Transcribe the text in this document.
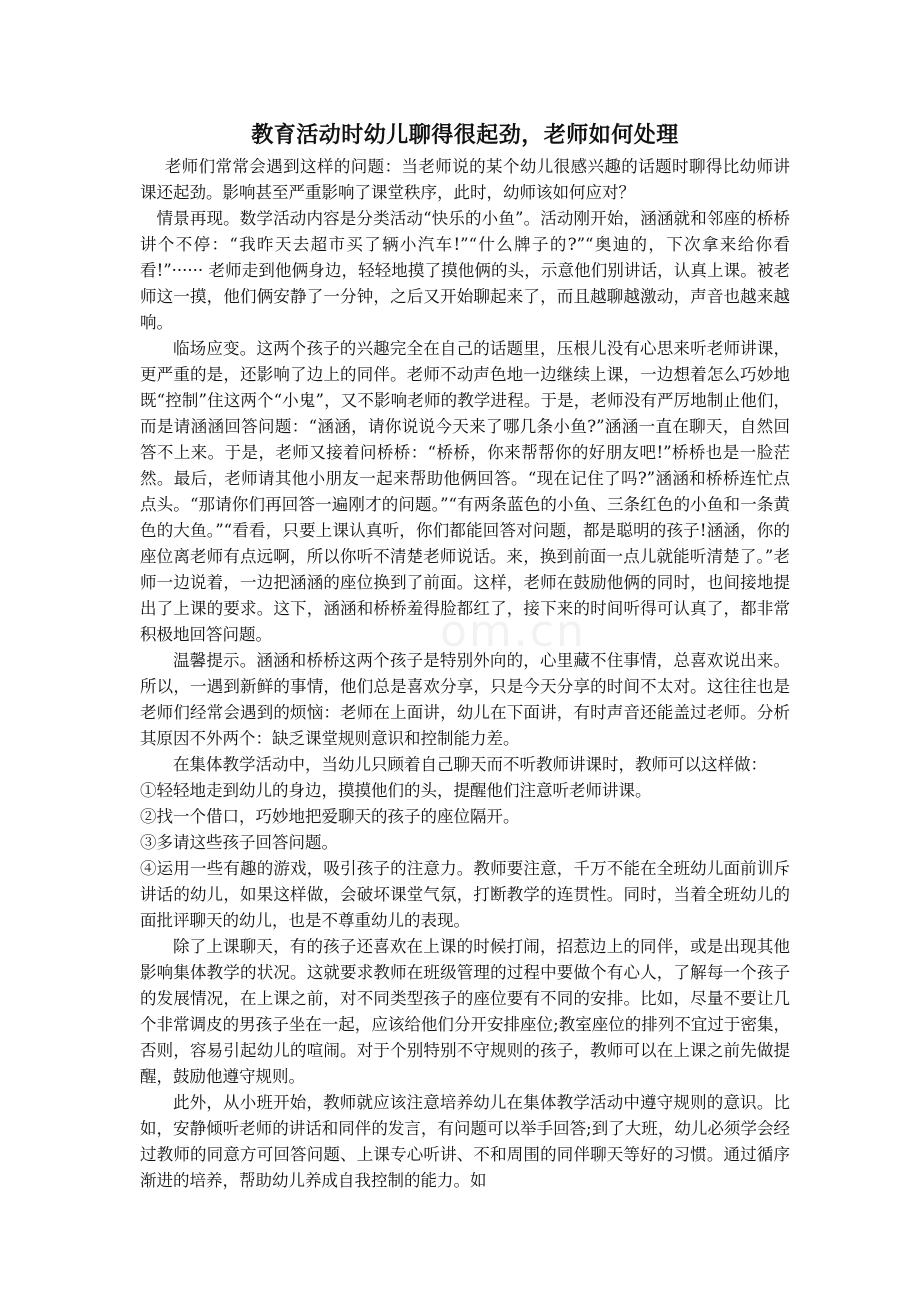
教育活动时幼儿聊得很起劲，老师如何处理

老师们常常会遇到这样的问题：当老师说的某个幼儿很感兴趣的话题时聊得比幼师讲课还起劲。影响甚至严重影响了课堂秩序，此时，幼师该如何应对？

情景再现。数学活动内容是分类活动“快乐的小鱼”。活动刚开始，涵涵就和邻座的桥桥讲个不停：“我昨天去超市买了辆小汽车!”“什么牌子的?”“奥迪的，下次拿来给你看看!”······ 老师走到他俩身边，轻轻地摸了摸他俩的头，示意他们别讲话，认真上课。被老师这一摸，他们俩安静了一分钟，之后又开始聊起来了，而且越聊越激动，声音也越来越响。

临场应变。这两个孩子的兴趣完全在自己的话题里，压根儿没有心思来听老师讲课，更严重的是，还影响了边上的同伴。老师不动声色地一边继续上课，一边想着怎么巧妙地既“控制”住这两个“小鬼”，又不影响老师的教学进程。于是，老师没有严厉地制止他们，而是请涵涵回答问题：“涵涵，请你说说今天来了哪几条小鱼?”涵涵一直在聊天，自然回答不上来。于是，老师又接着问桥桥：“桥桥，你来帮帮你的好朋友吧!”桥桥也是一脸茫然。最后，老师请其他小朋友一起来帮助他俩回答。“现在记住了吗?”涵涵和桥桥连忙点点头。“那请你们再回答一遍刚才的问题。”“有两条蓝色的小鱼、三条红色的小鱼和一条黄色的大鱼。”“看看，只要上课认真听，你们都能回答对问题，都是聪明的孩子!涵涵，你的座位离老师有点远啊，所以你听不清楚老师说话。来，换到前面一点儿就能听清楚了。”老师一边说着，一边把涵涵的座位换到了前面。这样，老师在鼓励他俩的同时，也间接地提出了上课的要求。这下，涵涵和桥桥羞得脸都红了，接下来的时间听得可认真了，都非常积极地回答问题。

温馨提示。涵涵和桥桥这两个孩子是特别外向的，心里藏不住事情，总喜欢说出来。所以，一遇到新鲜的事情，他们总是喜欢分享，只是今天分享的时间不太对。这往往也是老师们经常会遇到的烦恼：老师在上面讲，幼儿在下面讲，有时声音还能盖过老师。分析其原因不外两个：缺乏课堂规则意识和控制能力差。

在集体教学活动中，当幼儿只顾着自己聊天而不听教师讲课时，教师可以这样做：

①轻轻地走到幼儿的身边，摸摸他们的头，提醒他们注意听老师讲课。

②找一个借口，巧妙地把爱聊天的孩子的座位隔开。

③多请这些孩子回答问题。

④运用一些有趣的游戏，吸引孩子的注意力。教师要注意，千万不能在全班幼儿面前训斥讲话的幼儿，如果这样做，会破坏课堂气氛，打断教学的连贯性。同时，当着全班幼儿的面批评聊天的幼儿，也是不尊重幼儿的表现。

除了上课聊天，有的孩子还喜欢在上课的时候打闹，招惹边上的同伴，或是出现其他影响集体教学的状况。这就要求教师在班级管理的过程中要做个有心人，了解每一个孩子的发展情况，在上课之前，对不同类型孩子的座位要有不同的安排。比如，尽量不要让几个非常调皮的男孩子坐在一起，应该给他们分开安排座位;教室座位的排列不宜过于密集，否则，容易引起幼儿的喧闹。对于个别特别不守规则的孩子，教师可以在上课之前先做提醒，鼓励他遵守规则。

此外，从小班开始，教师就应该注意培养幼儿在集体教学活动中遵守规则的意识。比如，安静倾听老师的讲话和同伴的发言，有问题可以举手回答;到了大班，幼儿必须学会经过教师的同意方可回答问题、上课专心听讲、不和周围的同伴聊天等好的习惯。通过循序渐进的培养，帮助幼儿养成自我控制的能力。如

om.cn
